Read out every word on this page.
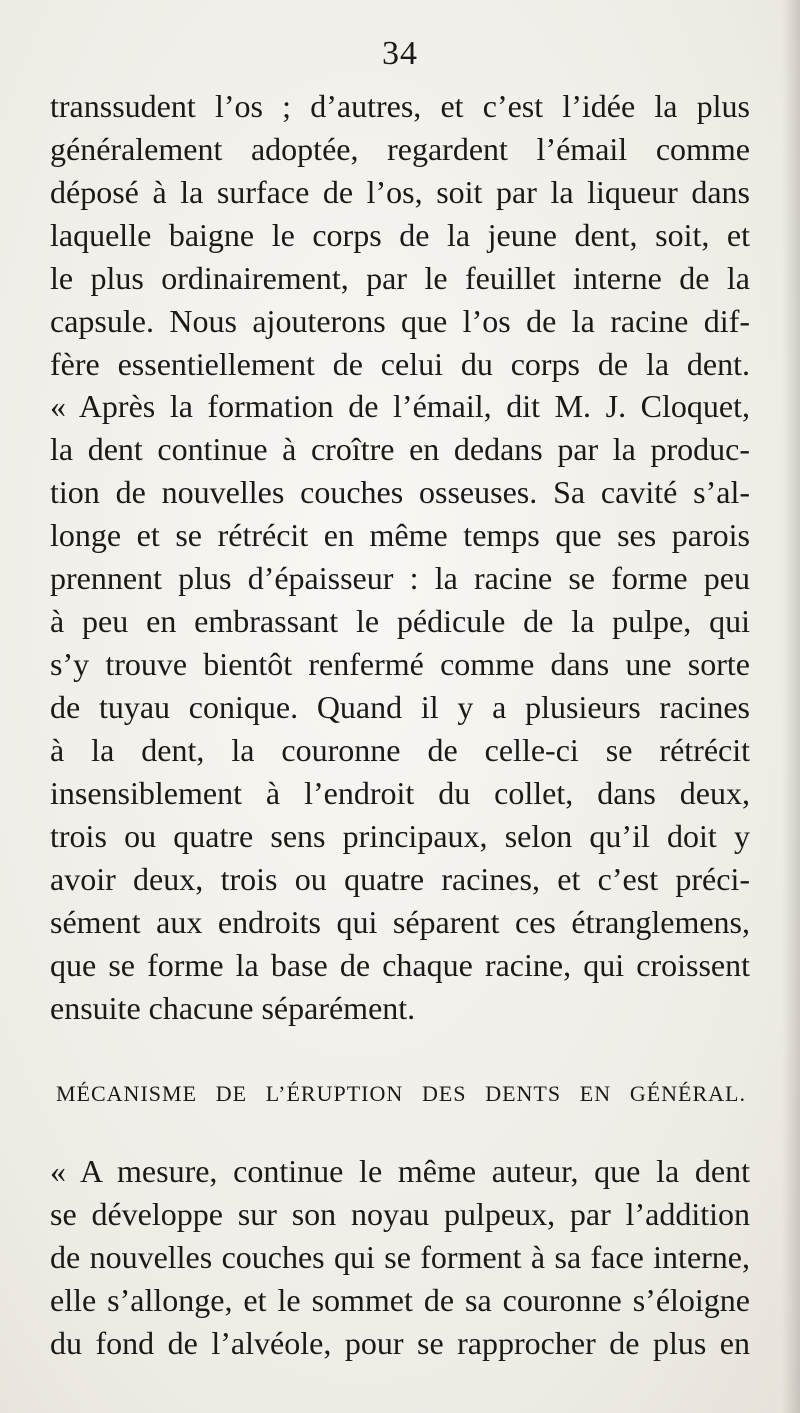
34
transsudent l’os ; d’autres, et c’est l’idée la plus
généralement adoptée, regardent l’émail comme
déposé à la surface de l’os, soit par la liqueur dans
laquelle baigne le corps de la jeune dent, soit, et
le plus ordinairement, par le feuillet interne de la
capsule. Nous ajouterons que l’os de la racine dif-
fère essentiellement de celui du corps de la dent.
« Après la formation de l’émail, dit M. J. Cloquet,
la dent continue à croître en dedans par la produc-
tion de nouvelles couches osseuses. Sa cavité s’al-
longe et se rétrécit en même temps que ses parois
prennent plus d’épaisseur : la racine se forme peu
à peu en embrassant le pédicule de la pulpe, qui
s’y trouve bientôt renfermé comme dans une sorte
de tuyau conique. Quand il y a plusieurs racines
à la dent, la couronne de celle-ci se rétrécit
insensiblement à l’endroit du collet, dans deux,
trois ou quatre sens principaux, selon qu’il doit y
avoir deux, trois ou quatre racines, et c’est préci-
sément aux endroits qui séparent ces étranglemens,
que se forme la base de chaque racine, qui croissent
ensuite chacune séparément.
MÉCANISME DE L’ÉRUPTION DES DENTS EN GÉNÉRAL.
« A mesure, continue le même auteur, que la dent
se développe sur son noyau pulpeux, par l’addition
de nouvelles couches qui se forment à sa face interne,
elle s’allonge, et le sommet de sa couronne s’éloigne
du fond de l’alvéole, pour se rapprocher de plus en
